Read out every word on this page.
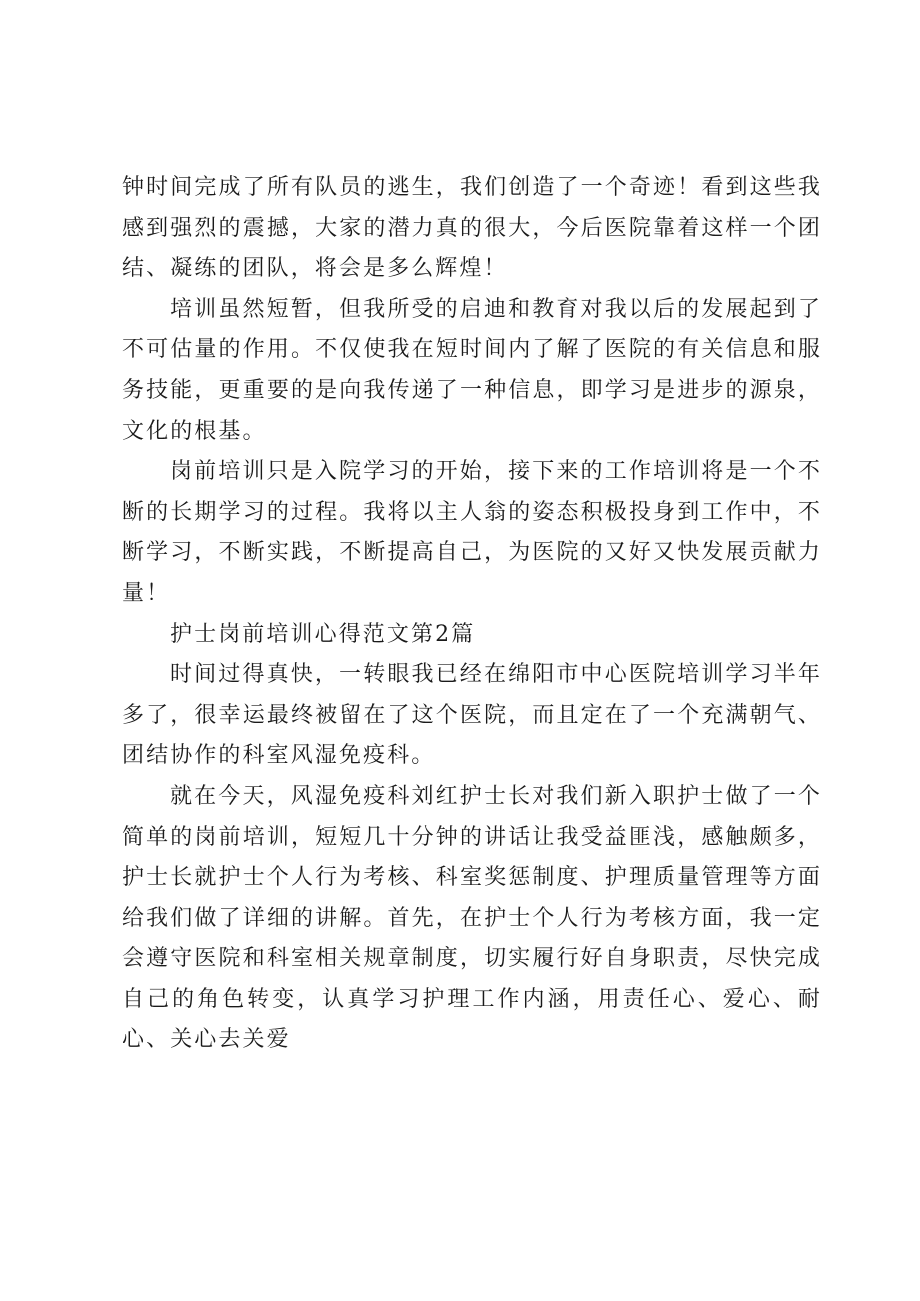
钟时间完成了所有队员的逃生，我们创造了一个奇迹！看到这些我感到强烈的震撼，大家的潜力真的很大，今后医院靠着这样一个团结、凝练的团队，将会是多么辉煌！

培训虽然短暂，但我所受的启迪和教育对我以后的发展起到了不可估量的作用。不仅使我在短时间内了解了医院的有关信息和服务技能，更重要的是向我传递了一种信息，即学习是进步的源泉，文化的根基。

岗前培训只是入院学习的开始，接下来的工作培训将是一个不断的长期学习的过程。我将以主人翁的姿态积极投身到工作中，不断学习，不断实践，不断提高自己，为医院的又好又快发展贡献力量！

护士岗前培训心得范文第2篇

时间过得真快，一转眼我已经在绵阳市中心医院培训学习半年多了，很幸运最终被留在了这个医院，而且定在了一个充满朝气、团结协作的科室风湿免疫科。

就在今天，风湿免疫科刘红护士长对我们新入职护士做了一个简单的岗前培训，短短几十分钟的讲话让我受益匪浅，感触颇多，护士长就护士个人行为考核、科室奖惩制度、护理质量管理等方面给我们做了详细的讲解。首先，在护士个人行为考核方面，我一定会遵守医院和科室相关规章制度，切实履行好自身职责，尽快完成自己的角色转变，认真学习护理工作内涵，用责任心、爱心、耐心、关心去关爱
